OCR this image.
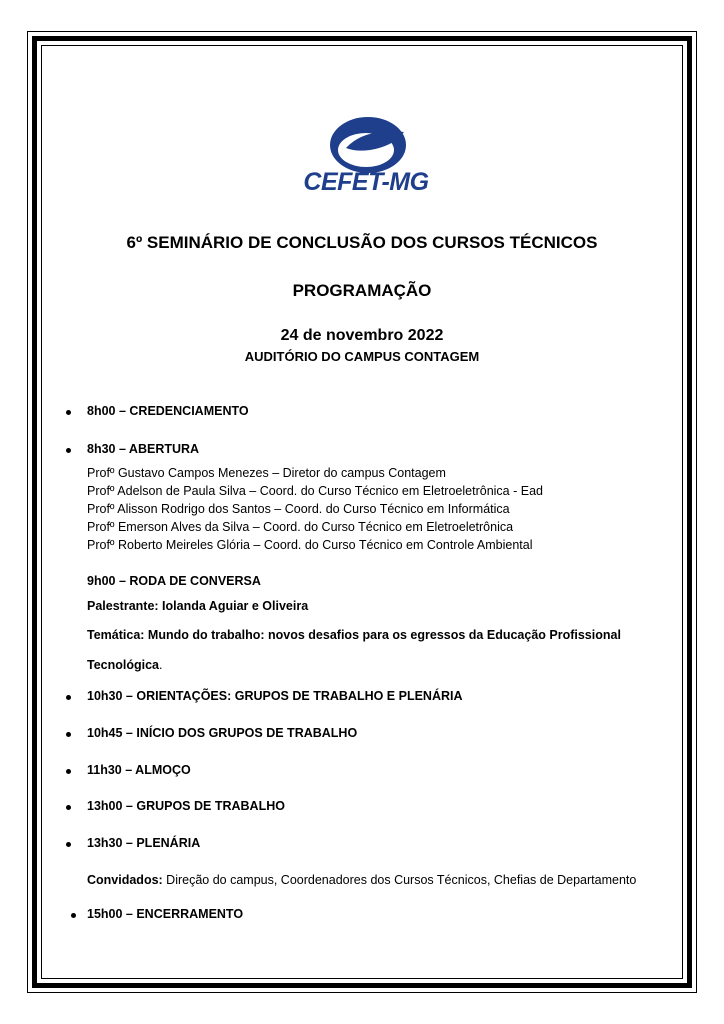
CEFET-MG
6º SEMINÁRIO DE CONCLUSÃO DOS CURSOS TÉCNICOS
PROGRAMAÇÃO
24 de novembro 2022
AUDITÓRIO DO CAMPUS CONTAGEM
8h00 – CREDENCIAMENTO
8h30 – ABERTURA
Profº Gustavo Campos Menezes – Diretor do campus Contagem
Profº Adelson de Paula Silva – Coord. do Curso Técnico em Eletroeletrônica - Ead
Profº Alisson Rodrigo dos Santos – Coord. do Curso Técnico em Informática
Profº Emerson Alves da Silva – Coord. do Curso Técnico em Eletroeletrônica
Profº Roberto Meireles Glória – Coord. do Curso Técnico em Controle Ambiental
9h00 – RODA DE CONVERSA
Palestrante: Iolanda Aguiar e Oliveira
Temática: Mundo do trabalho: novos desafios para os egressos da Educação Profissional
Tecnológica.
10h30 – ORIENTAÇÕES: GRUPOS DE TRABALHO E PLENÁRIA
10h45 – INÍCIO DOS GRUPOS DE TRABALHO
11h30 – ALMOÇO
13h00 – GRUPOS DE TRABALHO
13h30 – PLENÁRIA
Convidados: Direção do campus, Coordenadores dos Cursos Técnicos, Chefias de Departamento
15h00 – ENCERRAMENTO
